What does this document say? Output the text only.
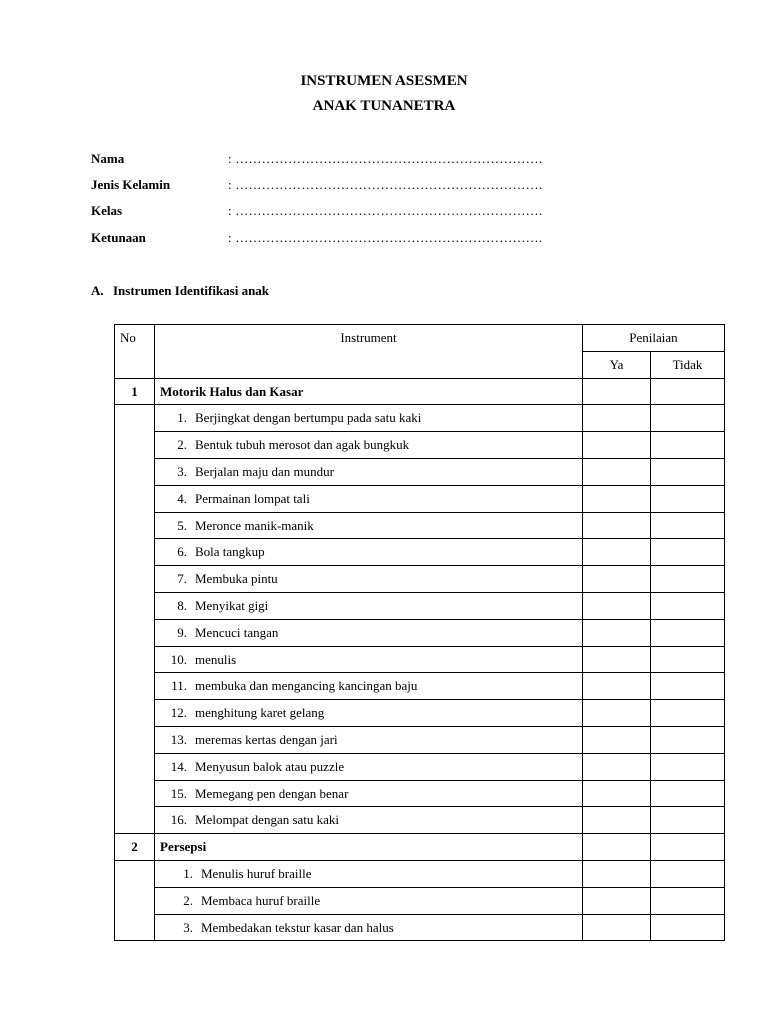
INSTRUMEN ASESMEN
ANAK TUNANETRA
Nama	: …………………………………………………………….
Jenis Kelamin	: …………………………………………………………….
Kelas	: …………………………………………………………….
Ketunaan	: …………………………………………………………….
A. Instrumen Identifikasi anak
No	Instrument	Penilaian	

		Ya	Tidak

1	Motorik Halus dan Kasar		

	1. Berjingkat dengan bertumpu pada satu kaki		

	2. Bentuk tubuh merosot dan agak bungkuk		

	3. Berjalan maju dan mundur		

	4. Permainan lompat tali		

	5. Meronce manik-manik		

	6. Bola tangkup		

	7. Membuka pintu		

	8. Menyikat gigi		

	9. Mencuci tangan		

	10. menulis		

	11. membuka dan mengancing kancingan baju		

	12. menghitung karet gelang		

	13. meremas kertas dengan jari		

	14. Menyusun balok atau puzzle		

	15. Memegang pen dengan benar		

	16. Melompat dengan satu kaki		

2	Persepsi		

	1. Menulis huruf braille		

	2. Membaca huruf braille		

	3. Membedakan tekstur kasar dan halus		
